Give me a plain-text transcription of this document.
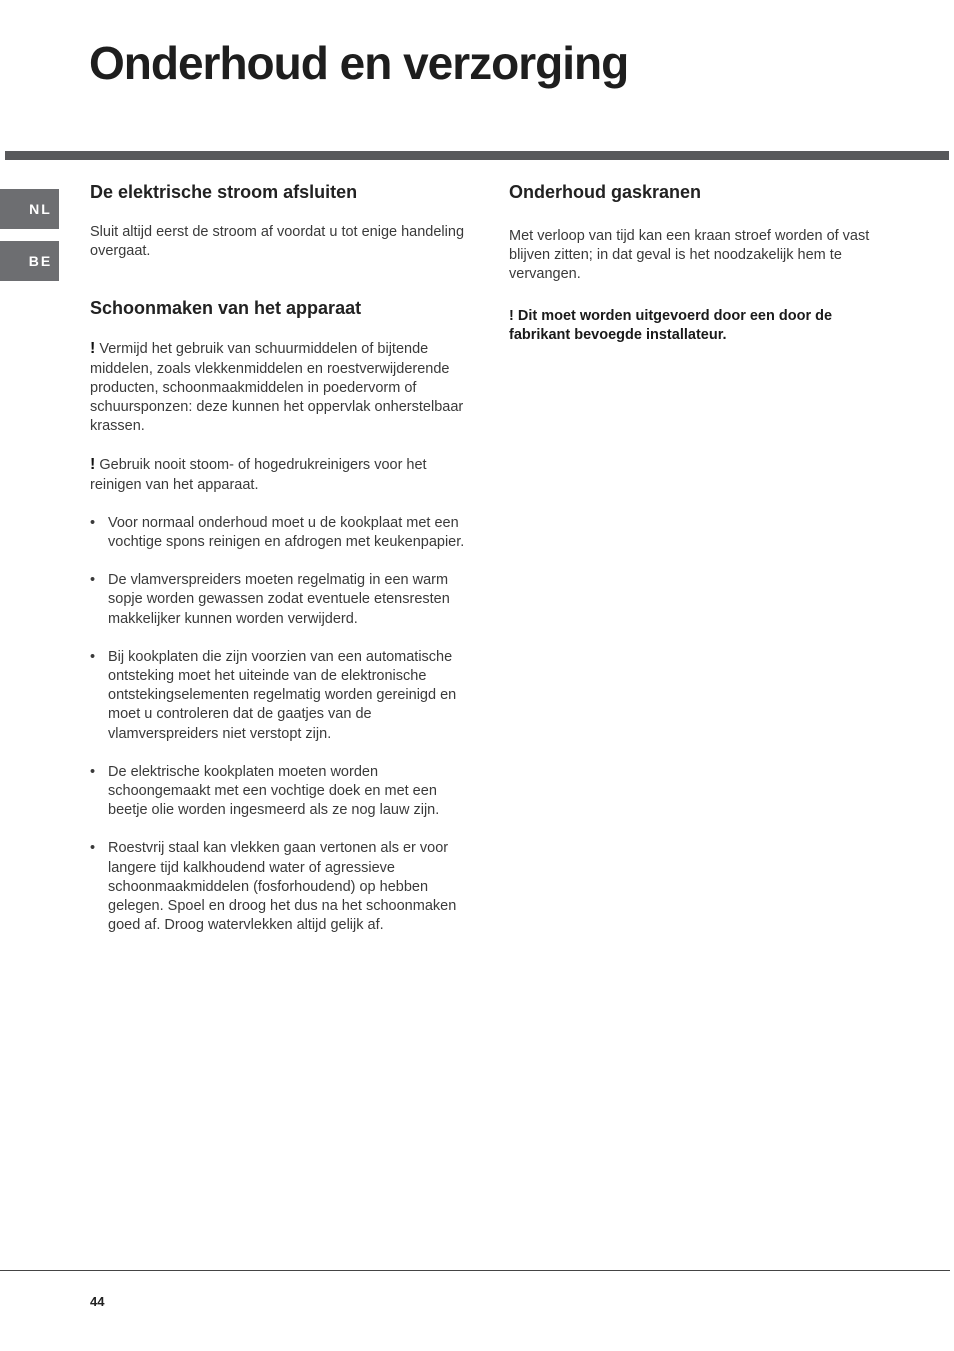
Onderhoud en verzorging
NL
BE
De elektrische stroom afsluiten

Sluit altijd eerst de stroom af voordat u tot enige handeling overgaat.

Schoonmaken van het apparaat

! Vermijd het gebruik van schuurmiddelen of bijtende middelen, zoals vlekkenmiddelen en roestverwijderende producten, schoonmaakmiddelen in poedervorm of schuursponzen: deze kunnen het oppervlak onherstelbaar krassen.

! Gebruik nooit stoom- of hogedrukreinigers voor het reinigen van het apparaat.

• Voor normaal onderhoud moet u de kookplaat met een vochtige spons reinigen en afdrogen met keukenpapier.
• De vlamverspreiders moeten regelmatig in een warm sopje worden gewassen zodat eventuele etensresten makkelijker kunnen worden verwijderd.
• Bij kookplaten die zijn voorzien van een automatische ontsteking moet het uiteinde van de elektronische ontstekingselementen regelmatig worden gereinigd en moet u controleren dat de gaatjes van de vlamverspreiders niet verstopt zijn.
• De elektrische kookplaten moeten worden schoongemaakt met een vochtige doek en met een beetje olie worden ingesmeerd als ze nog lauw zijn.
• Roestvrij staal kan vlekken gaan vertonen als er voor langere tijd kalkhoudend water of agressieve schoonmaakmiddelen (fosforhoudend) op hebben gelegen. Spoel en droog het dus na het schoonmaken goed af. Droog watervlekken altijd gelijk af.
Onderhoud gaskranen

Met verloop van tijd kan een kraan stroef worden of vast blijven zitten; in dat geval is het noodzakelijk hem te vervangen.

! Dit moet worden uitgevoerd door een door de fabrikant bevoegde installateur.

44
